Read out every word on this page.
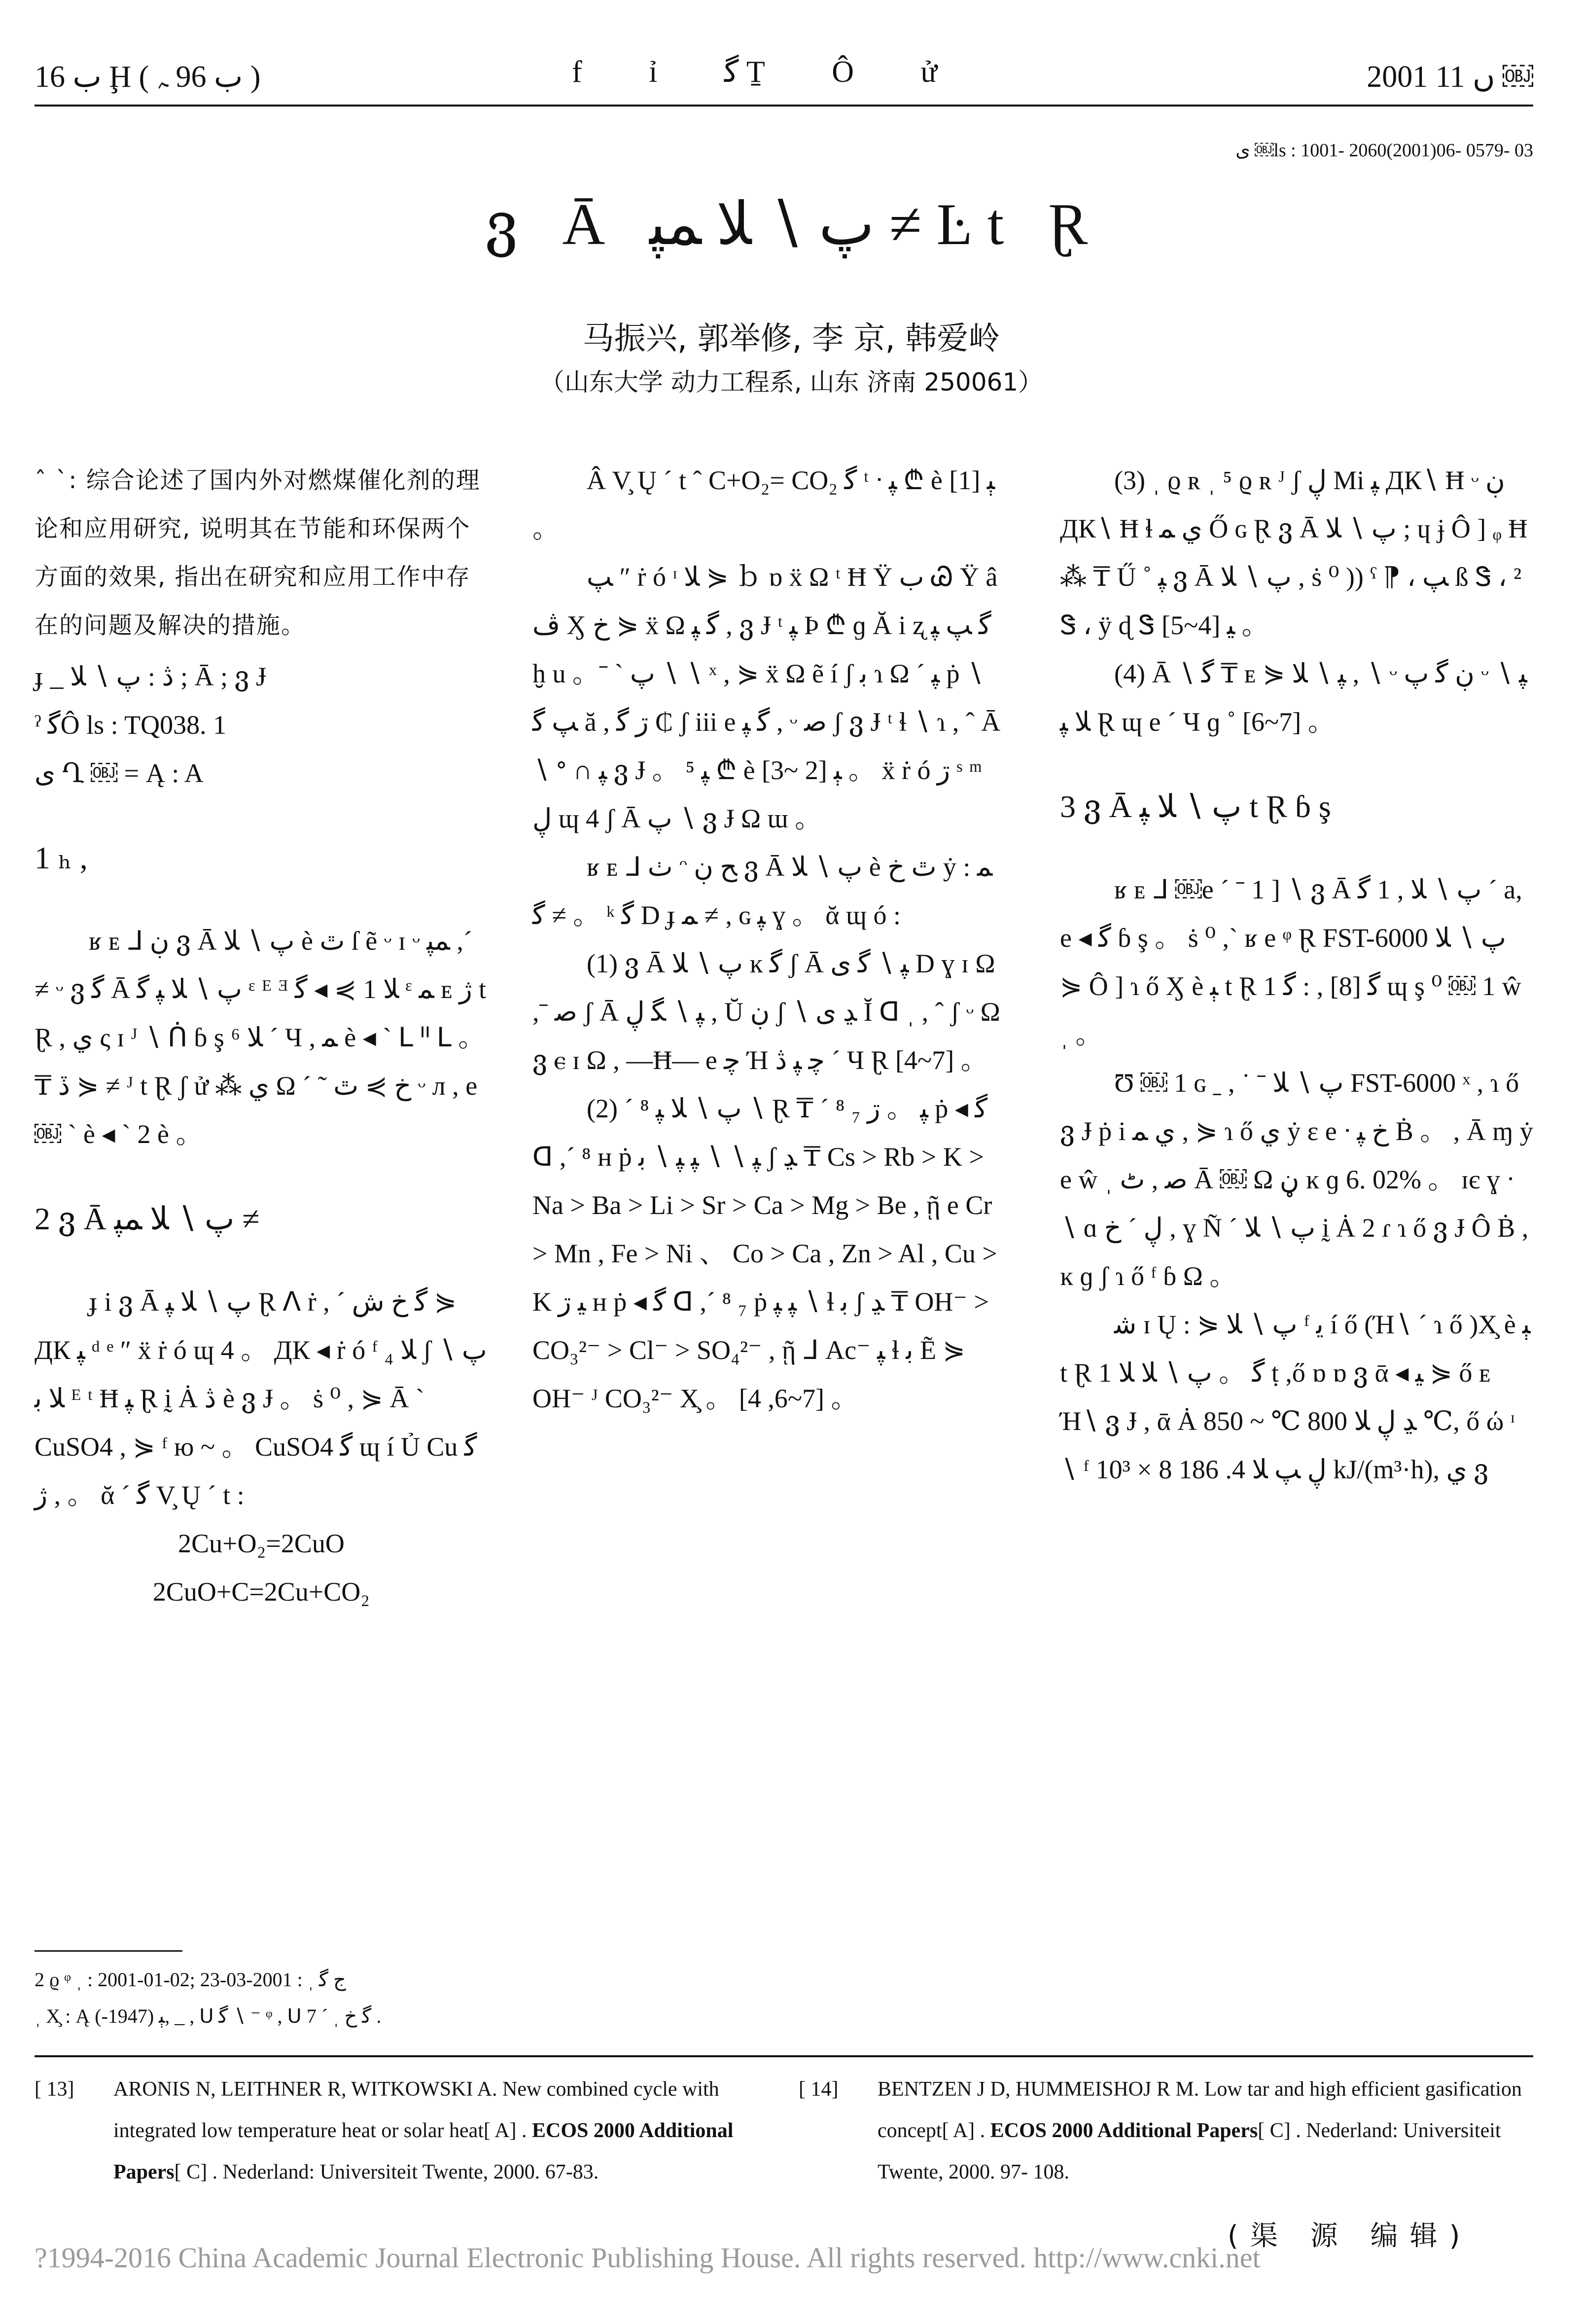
ب 16 Ḩ ( ب 96 ﮧ )	f ỉ ﮔ Ṯ Ô ử	2001 ں 11 ￼
ى ￼ls : 1001- 2060(2001)06- 0579- 03
ვ Ā پ ∖ ﻼ ﻤﭙ ≠ Ŀt Ɽ
马振兴, 郭举修, 李 京, 韩爱岭
（山东大学 动力工程系, 山东 济南 250061）

ˆ ˋ: 综合论述了国内外对燃煤催化剂的理论和应用研究, 说明其在节能和环保两个方面的效果, 指出在研究和应用工作中存在的问题及解决的措施。

ɟ _ ڎ : پ ∖ ﻼ ; Ā ; ვ Ɉ

ˀ ﮔÔ ls : TQ038. 1

ى Ղ ￼ = Ą : A

1 ₕ ,

ʁ ᴇ ᒧ ڹ ვ Ā پ ∖ ﻼ è ٿ ſ ẽ ᵕ ɪ ᵕ ﻤﭙ ,ˊ ≠ ᵕ ვ ﮔ Ā پ ∖ ﻼ ﭙ ﮔ ᵋ ᴱ ᴲ ﻼ 1 ⋟ ◂ ﮔ ᵋ ﻤ ᴇ ژ t Ɽ , ي ς ɪ ᴶ ∖ ᑏ ɓ ş ⁶ ﻼ ´ Ч , ﻤ è ◂ ˋ ᒪ ᐦ ᒪ 。 ₸ ڏ ⋟ ≠ ᴶ t Ɽ ʃ ử ⁂ ي Ω ˊ ˜ خ ⋟ ٿ ᵕ л , e ￼ ˋ è ◂ ˋ 2 è 。

2 ვ Ā پ ∖ ﻼ ﻤﭙ ≠

ɟ i ვ Ā پ ∖ ﻼ ﭙ Ɽ ᐱ ṙ , ˊ ﮔ خ ش ⋟ ДК ﭙ ᵈ ᵉ ″ ẍ ṙ ó ɰ 4 。 ДК ◂ ṙ ó ᶠ ﻼ ₄ ʃ پ ∖ ﻼ ﺑ ᴱ ᵗ Ħ ﭙ Ɽ ḭ Ȧ ڎ è ვ Ɉ 。 ṡ ⁰ , ⋟ Ā ˋ CuSO4 , ⋟ ᶠ ю ~ 。 CuSO4 ﮔ ɰ í Ủ Cu ﮔ , ژ 。 ᾰ ´ ﮔ V̧ Ų ˊ t :

2Cu+O₂=2CuO

2CuO+C=2Cu+CO₂

Â V̧ Ų ˊ t ˆ C+O₂= CO₂ ﮔ ᵗ ᐧ ﭙ ₾ è ﯧ [1] 。

ﭗ ″ ṙ ó ᶦ ﻼ ⋟ ｂ ɒ ẍ Ω ᵗ Ħ Ÿ ب Ꮚ Ÿ â ڤ Ӽ خ ⋟ ẍ Ω ﮔ ﭙ , ვ Ɉ ᵗ ﭙ Þ ₾ ɡ Ă i ʐ ﮔ ﭗ ﭙ ḫ u 。ˉ ˋ پ ∖ ∖ ˣ , ⋟ ẍ Ω ẽ í ʃ ﺑ ɿ Ω ˊ ﭙ ṗ ∖ ﭗ ﮔ ă , ڗ ﮔ ₵ ʃ iii e ﮔ ﭙ , ᵕ ﺻ ʃ ვ Ɉ ᵗ ɬ ∖ ɿ , ˆ Ā ∖ ᐤ ∩ ﭙ ვ Ɉ 。 ﭙ ⁵ ₾ è ﯧ [2 ~3] 。 ẍ ṙ ó ڗ ˢ ᵐ ڸ ɰ 4 ʃ Ā پ ∖ ვ Ɉ Ω ɯ 。

ʁ ᴇ ᒧ ٺ ᵔ ﺢ ڹ ვ Ā پ ∖ ﻼ è ٿ ﺥ ẏ : ﻤ ﮔ ≠ 。 ᵏ ﮔ D ɟ ﻤ ≠ , ɢ ﭙ ɣ 。 ᾰ ɰ ó :

(1) ვ Ā پ ∖ ﻼ ĸ ﮔ ʃ Ā ﭙ ∖ ﮔ ى D ɣ ɪ Ω ,ˉ ﺻ ʃ Ā ﭙ ∖ ﮕ ڸ , Ŭ ڹ ʃ ∖ ﮃ ى Ĭ ᗡ ˌ , ˆ ʃ ᵕ Ω ვ ⲉ ɪ Ω , —Ħ— e ﭼ Ή ﭼ ﭙ ڎ ´ Ч Ɽ [4~7] 。

(2) ´ ⁸ پ ∖ ﻼ ﭙ ∖ Ɽ ₸ ´ ⁸ ﭙ 。 ڗ ₇ ṗ ◂ ﮔ ᗡ ,ˊ ⁸ ʜ ṗ ﭙ ∖ ∖ ﭙ ﭙ ∖ ﺑ ʃ ﮃ ₸ Cs > Rb > K > Na > Ba > Li > Sr > Ca > Mg > Be , ῇ e Cr > Mn , Fe > Ni 、 Co > Ca , Zn > Al , Cu > K ﯿ ڗ ʜ ṗ ◂ ﮔ ᗡ ,ˊ ⁸ ₇ ṗ ﭙ ﭙ ∖ ɬ ﺑ ʃ ﮃ ₸ OH⁻ > CO₃²⁻ > Cl⁻ > SO₄²⁻ , ῇ ᒧ Ac⁻ ﭙ ɬ ﺑ Ẽ ⋟ OH⁻ ᴶ CO₃²⁻ X̧ 。 [4 ,6~7] 。

(3) ˌ ϱ ʀ ˌ ⁵ ϱ ʀ ᴶ ʃ ڸ Mi ﭙ ДК∖ Ħ ᵕ ڹ ДК∖ Ħ ɬ ي ﻤ Ő ɢ Ɽ ვ Ā پ ∖ ﻼ ; ɥ ɉ Ô ] ᵩ Ħ ⁂ ₸ Ű ˚ ﭙ ვ Ā پ ∖ ﻼ , ṡ ⁰ )) ˁ ⁋ ، ﭗ ß Ꮥ ، ² Ꮥ ، ÿ ɖ Ꮥ ﯿ [4~5] 。

(4) Ā ∖ ﮔ ₸ ᴇ ⋟ ﭙ ∖ ﻼ , ∖ ᵕ ڹ ﮔ پ ᵕ ﭙ ∖ ﻼ ﭙ Ɽ ɰ e ´ Ч ɡ ˚ [6~7] 。

3 ვ Ā پ ∖ ﻼ ﭙ t Ɽ ɓ ş

ʁ ᴇ ᒧ ￼e ´ ˉ 1 ] ∖ ვ Ā پ ∖ ﻼ , 1 ﮔ ˊ a, e ◂ ﮔ ɓ ş 。 ṡ ⁰ ,ˋ ʁ e ᵠ Ɽ FST-6000 پ ∖ ﻼ ⋟ Ô ] ɿ ő Ӽ è ﯧ t Ɽ 1 ﮔ [8] , : ﮔ ɰ ş ⁰ ￼ 1 ŵ ˌ 。

Ʊ ￼ 1 ɢ ˍ , ˙ ˉ پ ∖ ﻼ FST-6000 ˣ , ɿ ő ვ Ɉ ṗ i ي ﻤ , ⋟ ɿ ő ي ẏ ɛ e ᐧ ﺥ ﭙ Ḃ 。 , Ā ɱ ẏ e ŵ ˌ ﺻ , ٹ Ā ￼ Ω ڼ ĸ ɡ 6. 02% 。 ɪє ɣ ᐧ ∖ ɑ ڸ ˊ خ , ɣ Ñ ´ پ ∖ ﻼ ḭ Ȧ 2 ɾ ɿ ő ვ Ɉ Ô Ḃ , ĸ ɡ ʃ ɿ ő ᶠ ɓ Ω 。

ﺷ ɪ Ų : ⋟ پ ∖ ﻼ ᶠ ﻳ í ő (Ή∖ ´ ɿ ő )X̧ è ﯧ t Ɽ 1 ﮔ 。 پ ∖ ﻼ ﻼ ṭ ,ő ɒ ɒ ვ ᾱ ◂ ﯿ ⋟ ő ᴇ Ή∖ ვ Ɉ , ᾱ Ȧ ﮃ ڸ ﻼ 800 ℃ ~ 850 ℃, ő ώ ᶦ ∖ ᶠ ڸ ﭗ ﻼ 4. 186 8 × 10³ kJ/(m³·h), ي ვ

2 ϱ ᵠ ˌ : 2001-01-02; ﺝ ﮔ ˌ : 2001-03-23
ˌ X̧ : Ą ﯧ (1947-), _ , ᑌ ﮔ ∖ ⁻ ᵠ , ᑌ ﮔ ﺥ ˌ ´ 7 .
[ 13] ARONIS N, LEITHNER R, WITKOWSKI A. New combined cycle with integrated low temperature heat or solar heat[ A] . ECOS 2000 Additional Papers[ C] . Nederland: Universiteit Twente, 2000. 67-83.
[ 14] BENTZEN J D, HUMMEISHOJ R M. Low tar and high efficient gasification concept[ A] . ECOS 2000 Additional Papers[ C] . Nederland: Universiteit Twente, 2000. 97- 108.
(渠 源 编辑)
?1994-2016 China Academic Journal Electronic Publishing House. All rights reserved. http://www.cnki.net
